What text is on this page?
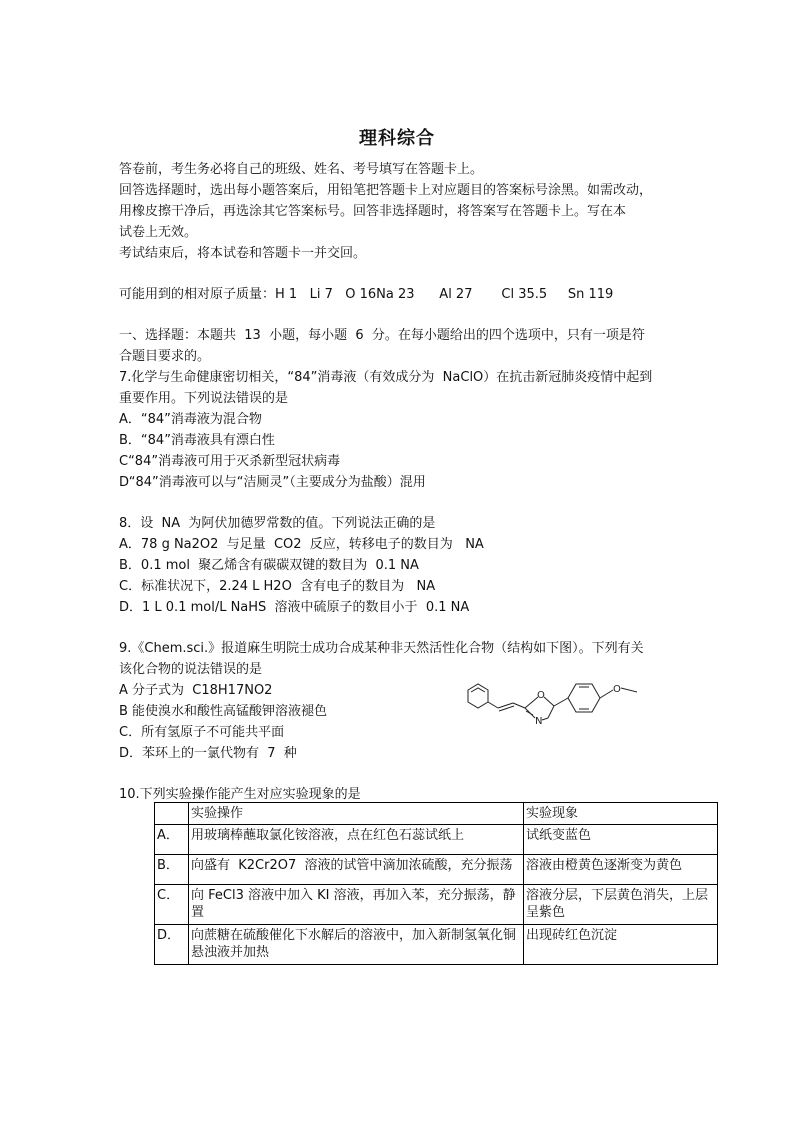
理科综合
答卷前，考生务必将自己的班级、姓名、考号填写在答题卡上。
回答选择题时，选出每小题答案后，用铅笔把答题卡上对应题目的答案标号涂黑。如需改动，
用橡皮擦干净后，再选涂其它答案标号。回答非选择题时，将答案写在答题卡上。写在本
试卷上无效。
考试结束后，将本试卷和答题卡一并交回。
可能用到的相对原子质量：H 1   Li 7   O 16Na 23      Al 27       Cl 35.5     Sn 119
一、选择题：本题共  13  小题，每小题  6  分。在每小题给出的四个选项中，只有一项是符
合题目要求的。
7.化学与生命健康密切相关，“84”消毒液（有效成分为  NaClO）在抗击新冠肺炎疫情中起到
重要作用。下列说法错误的是
A．“84”消毒液为混合物
B．“84”消毒液具有漂白性
C“84”消毒液可用于灭杀新型冠状病毒
D“84”消毒液可以与“洁厕灵”（主要成分为盐酸）混用
8．设  NA  为阿伏加德罗常数的值。下列说法正确的是
A．78 g Na2O2  与足量  CO2  反应，转移电子的数目为   NA
B．0.1 mol  聚乙烯含有碳碳双键的数目为  0.1 NA
C．标准状况下，2.24 L H2O  含有电子的数目为   NA
D．1 L 0.1 mol/L NaHS  溶液中硫原子的数目小于  0.1 NA
9.《Chem.sci.》报道麻生明院士成功合成某种非天然活性化合物（结构如下图）。下列有关
该化合物的说法错误的是
A 分子式为  C18H17NO2
B 能使溴水和酸性高锰酸钾溶液褪色
C．所有氢原子不可能共平面
D．苯环上的一氯代物有  7  种
O
N
O
10.下列实验操作能产生对应实验现象的是
	实验操作	实验现象
A．	用玻璃棒蘸取氯化铵溶液，点在红色石蕊试纸上	试纸变蓝色
B．	向盛有  K2Cr2O7  溶液的试管中滴加浓硫酸，充分振荡	溶液由橙黄色逐渐变为黄色
C．	向 FeCl3 溶液中加入 KI 溶液，再加入苯，充分振荡，静置	溶液分层，下层黄色消失，上层呈紫色
D．	向蔗糖在硫酸催化下水解后的溶液中，加入新制氢氧化铜悬浊液并加热	出现砖红色沉淀
